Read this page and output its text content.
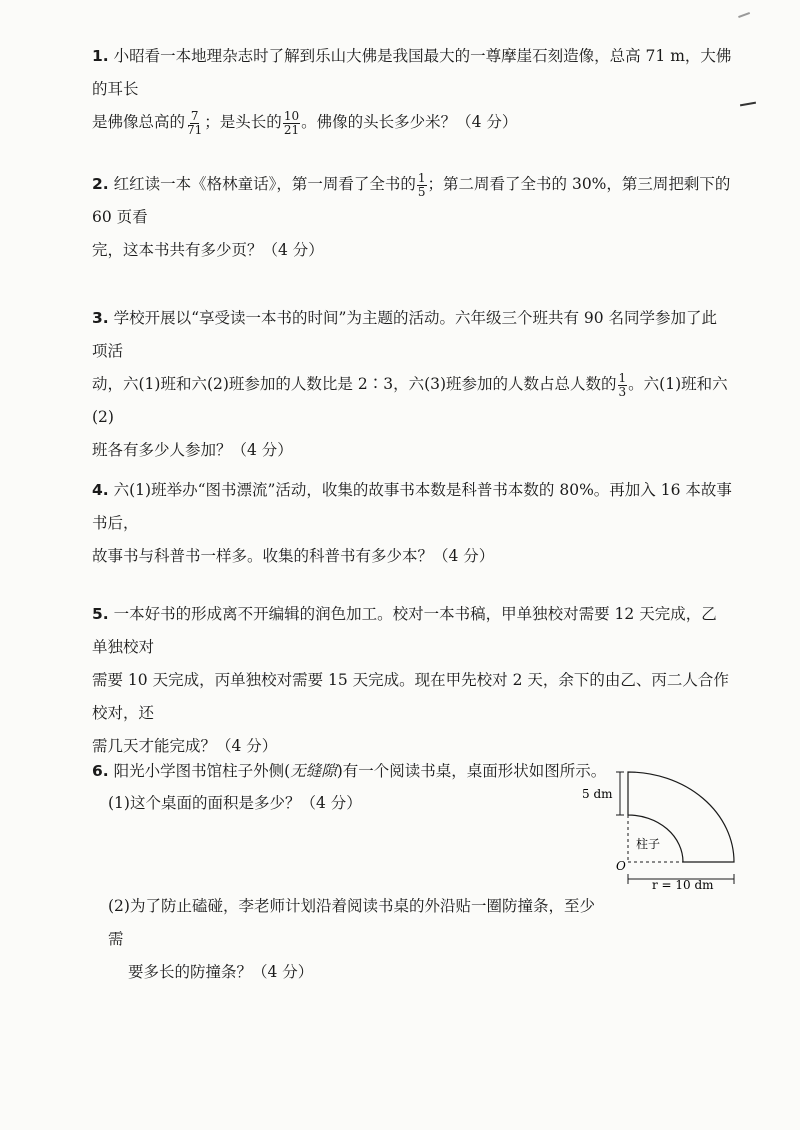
1. 小昭看一本地理杂志时了解到乐山大佛是我国最大的一尊摩崖石刻造像，总高 71 m，大佛的耳长
是佛像总高的 $\frac{7}{71}$ ；是头长的 $\frac{10}{21}$ 。佛像的头长多少米？（4 分）
2. 红红读一本《格林童话》，第一周看了全书的 $\frac{1}{5}$ ；第二周看了全书的 30%，第三周把剩下的 60 页看
完，这本书共有多少页？（4 分）
3. 学校开展以“享受读一本书的时间”为主题的活动。六年级三个班共有 90 名同学参加了此项活
动，六(1)班和六(2)班参加的人数比是 2∶3，六(3)班参加的人数占总人数的 $\frac{1}{3}$ 。六(1)班和六(2)
班各有多少人参加？（4 分）
4. 六(1)班举办“图书漂流”活动，收集的故事书本数是科普书本数的 80%。再加入 16 本故事书后，
故事书与科普书一样多。收集的科普书有多少本？（4 分）
5. 一本好书的形成离不开编辑的润色加工。校对一本书稿，甲单独校对需要 12 天完成，乙单独校对
需要 10 天完成，丙单独校对需要 15 天完成。现在甲先校对 2 天，余下的由乙、丙二人合作校对，还
需几天才能完成？（4 分）
6. 阳光小学图书馆柱子外侧(无缝隙)有一个阅读书桌，桌面形状如图所示。
(1)这个桌面的面积是多少？（4 分）
(2)为了防止磕碰，李老师计划沿着阅读书桌的外沿贴一圈防撞条，至少需
要多长的防撞条？（4 分）
5 dm
柱子
O
r = 10 dm
